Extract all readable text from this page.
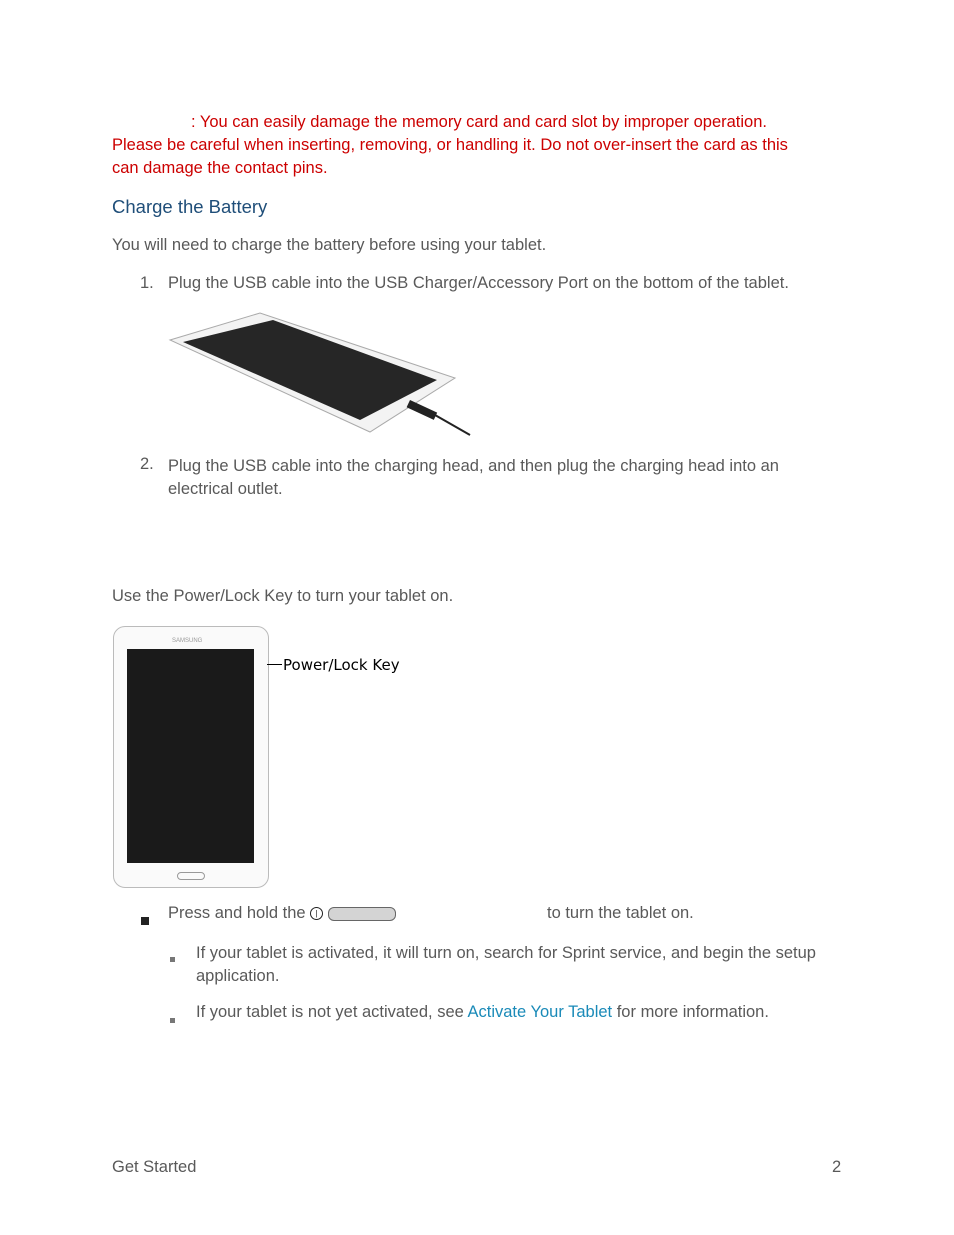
: You can easily damage the memory card and card slot by improper operation.
Please be careful when inserting, removing, or handling it. Do not over-insert the card as this
can damage the contact pins.
Charge the Battery
You will need to charge the battery before using your tablet.
1. Plug the USB cable into the USB Charger/Accessory Port on the bottom of the tablet.
2. Plug the USB cable into the charging head, and then plug the charging head into an
electrical outlet.
Use the Power/Lock Key to turn your tablet on.
SAMSUNG
Power/Lock Key
Press and hold the |	to turn the tablet on.
If your tablet is activated, it will turn on, search for Sprint service, and begin the setup
application.
If your tablet is not yet activated, see Activate Your Tablet for more information.
Get Started	2
